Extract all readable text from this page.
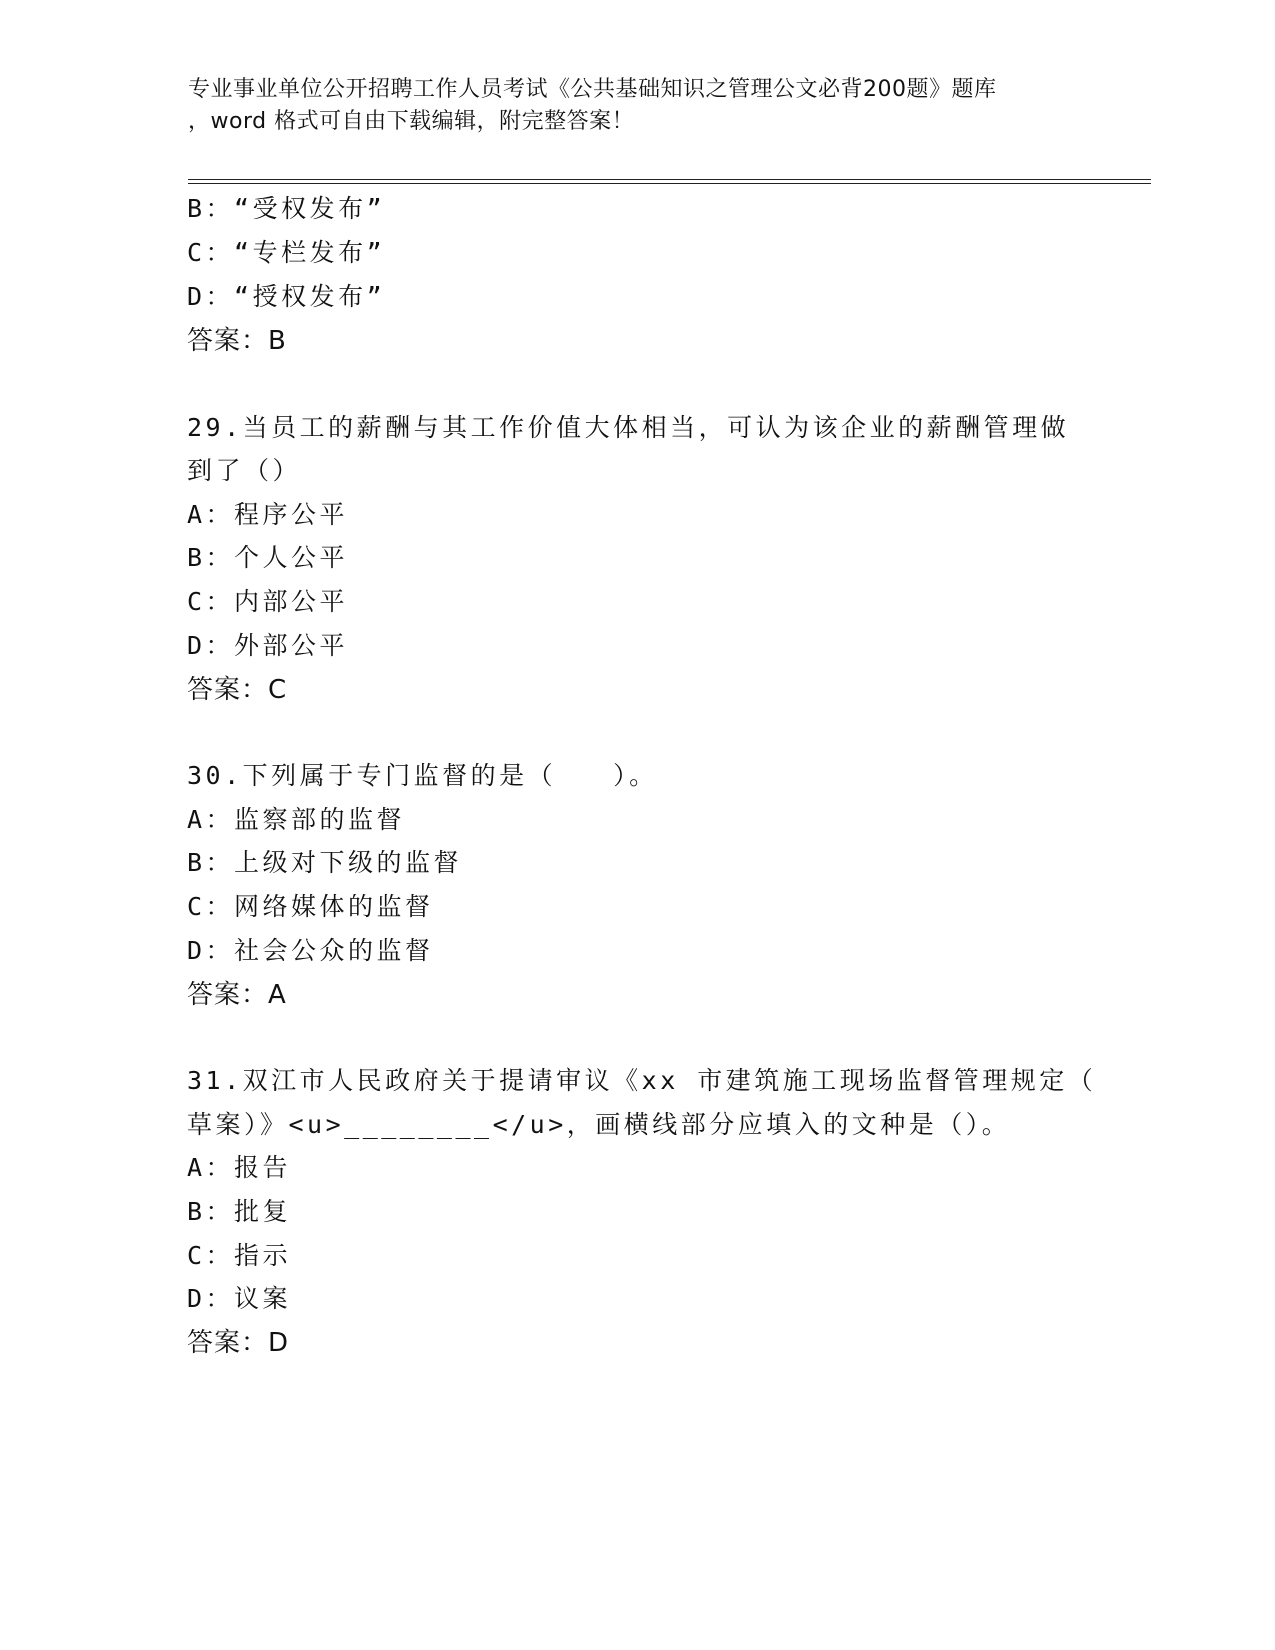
专业事业单位公开招聘工作人员考试《公共基础知识之管理公文必背200题》题库
，word 格式可自由下载编辑，附完整答案！
B：“受权发布”
C：“专栏发布”
D：“授权发布”
答案：B
29.当员工的薪酬与其工作价值大体相当，可认为该企业的薪酬管理做
到了（）
A：程序公平
B：个人公平
C：内部公平
D：外部公平
答案：C
30.下列属于专门监督的是（　　）。
A：监察部的监督
B：上级对下级的监督
C：网络媒体的监督
D：社会公众的监督
答案：A
31.双江市人民政府关于提请审议《xx 市建筑施工现场监督管理规定（
草案）》<u>________</u>，画横线部分应填入的文种是（）。
A：报告
B：批复
C：指示
D：议案
答案：D
